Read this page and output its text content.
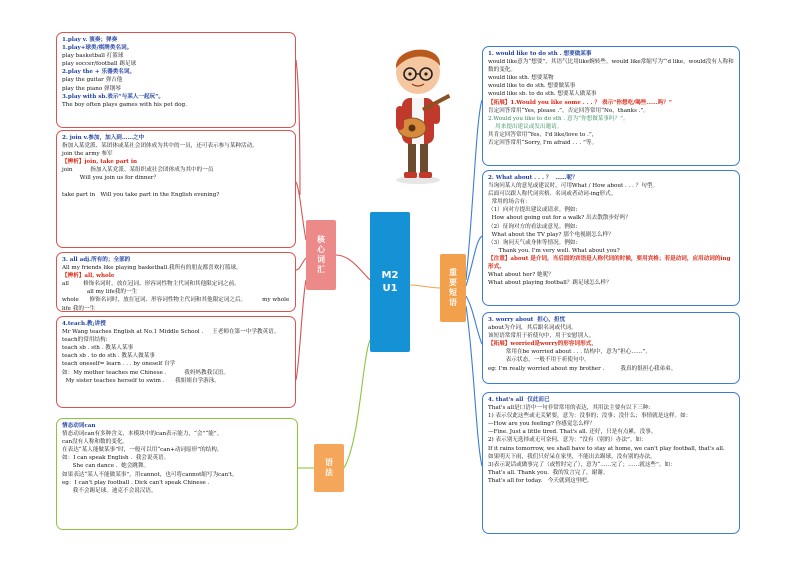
1.play v. 演奏；弹奏

1.play+球类/棋牌类名词。

play basketball 打篮球

play soccer/football 踢足球

2.play the + 乐器类名词。

play the guitar 弹吉他

play the piano 弹钢琴

3.play with sb.表示“与某人一起玩”。

The boy often plays games with his pet dog.

2. join v.参加，加入到……之中

指加入某党派、某团体或某社会团体成为其中的一员，还可表示参与某种活动。

join the army 参军

【辨析】join, take part in

join          指加入某党派、某组织或社会团体成为其中的一员

Will you join us for dinner？

take part in   Will you take part in the English evening?

3. all adj.所有的；全部的

All my friends like playing basketball.我所有的朋友都喜欢打篮球。

【辨析】all, whole

all        修饰名词时，放在冠词、形容词性物主代词和其他限定词之前。

all my life我的一生

whole      修饰名词时，放在冠词、形容词性物主代词和其他限定词之后。         my whole life 我的一生

4.teach.教;讲授

Mr Wang teaches English at No.1 Middle School .     王老师在第一中学教英语。

teach的常用结构:

teach sb . sth . 教某人某事

teach sb . to do sth . 教某人做某事

teach oneself= learn . . . by oneself 自学

如：My mother teaches me Chinese .          我妈妈教我汉语。

My sister teaches herself to swim .      我姐姐自学游泳。

情态动词can

情态动词can有多种含义，本模块中的can表示能力，“会”“能”。

can没有人称和数的变化。

在表达“某人能做某事”时，一般可以用“can+动词原形”的结构。

如：I can speak English .  我会说英语。

She can dance .  她会跳舞。

如果表达“某人不能做某事”，用cannot，也可将cannot缩写为can't。

eg：I can't play football . Dick can't speak Chinese .

我不会踢足球。迪克不会说汉语。

核心词汇
语法
重要短语
M2
U1

1. would like to do sth . 想要做某事

would like意为“想要”，其语气比用like婉转些。would like常缩写为“'d like，would没有人称和数的变化。

would like sth. 想要某物

would like to do sth. 想要做某事

would like sb. to do sth. 想要某人做某事

【拓展】1.Would you like some . . . ？ 表示“你想吃/喝些……吗？”

肯定回答常用“Yes, please .”，否定回答常用“No，thanks .”。

2.Would you like to do sth . 意为“你想做某事吗？”。

用来提出建议或发出邀请。

其肯定回答常用“Yes，I'd like/love to .”，

否定回答常用“Sorry, I'm afraid . . . ”等。

2. What about . . . ？  ……呢？

当询问某人的意见或建议时，可用What / How about . . . ？句型。

后面可以跟人称代词宾格、名词或者动词-ing形式。

常用的场合有：

（1）向对方提出建议或请求。例如:

How about going out for a walk? 出去散散步好吗？

（2）征询对方的看法或意见。例如:

What about the TV play? 那个电视剧怎么样？

（3）询问天气或身体等情况。例如:

Thank you. I'm very well. What about you?

【注意】about 是介词，当后面的宾语是人称代词的时候，要用宾格；若是动词，应用动词的ing形式。

What about her? 她呢？

What about playing football？踢足球怎么样？

3. worry about  担心，担忧

about为介词，其后跟名词或代词。

该短语常常用于祈使句中，用于安慰别人。

【拓展】worried是worry的形容词形式，

常用在be worried about . . . 结构中，意为“担心……”。

表示状态，一般不用于祈使句中。

eg: I'm really worried about my brother .         我真的很担心我弟弟。

4. that's all  仅此而已

That's all是口语中一句非常常用的表达，其用法主要有以下三种:

1) 表示仅此这些或无关紧要，意为：没事的；没事；没什么；事情就是这样。如：

—How are you feeling? 你感觉怎么样？

—Fine. Just a little tired. That's all. 还好，只是有点累，没事。

2) 表示别无选择或无可奈何，意为：“没有（别的）办法”。如：

If it rains tomorrow, we shall have to stay at home, we can't play football, that's all.

如果明天下雨，我们只好呆在家里，不能出去踢球，没有别的办法。

3)表示说话或做事完了（或暂时完了），意为“……完了；……就这些”。如：

That's all. Thank you.  我的发言完了，谢谢。

That's all for today.   今天就到这里吧。
